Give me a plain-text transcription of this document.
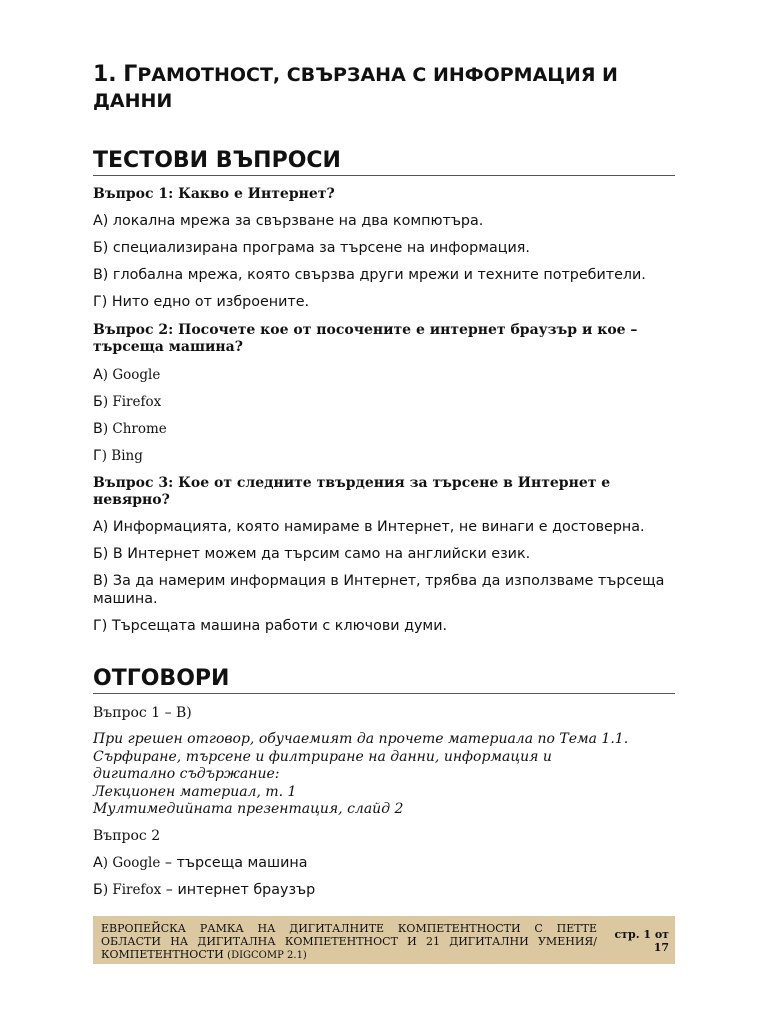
1. ГРАМОТНОСТ, СВЪРЗАНА С ИНФОРМАЦИЯ И ДАННИ
ТЕСТОВИ ВЪПРОСИ
Въпрос 1: Какво е Интернет?
А) локална мрежа за свързване на два компютъра.
Б) специализирана програма за търсене на информация.
В) глобална мрежа, която свързва други мрежи и техните потребители.
Г) Нито едно от изброените.
Въпрос 2: Посочете кое от посочените е интернет браузър и кое – търсеща машина?
А) Google
Б) Firefox
В) Chrome
Г) Bing
Въпрос 3: Кое от следните твърдения за търсене в Интернет е невярно?
А) Информацията, която намираме в Интернет, не винаги е достоверна.
Б) В Интернет можем да търсим само на английски език.
В) За да намерим информация в Интернет, трябва да използваме търсеща машина.
Г) Търсещата машина работи с ключови думи.
ОТГОВОРИ
Въпрос 1 – В)
При грешен отговор, обучаемият да прочете материала по Тема 1.1.
Сърфиране, търсене и филтриране на данни, информация и
дигитално съдържание:
Лекционен материал, т. 1
Мултимедийната презентация, слайд 2
Въпрос 2
А) Google – търсеща машина
Б) Firefox – интернет браузър
ЕВРОПЕЙСКА РАМКА НА ДИГИТАЛНИТЕ КОМПЕТЕНТНОСТИ С ПЕТТЕ ОБЛАСТИ НА ДИГИТАЛНА КОМПЕТЕНТНОСТ И 21 ДИГИТАЛНИ УМЕНИЯ/КОМПЕТЕНТНОСТИ (DIGCOMP 2.1)
стр. 1 от 17
